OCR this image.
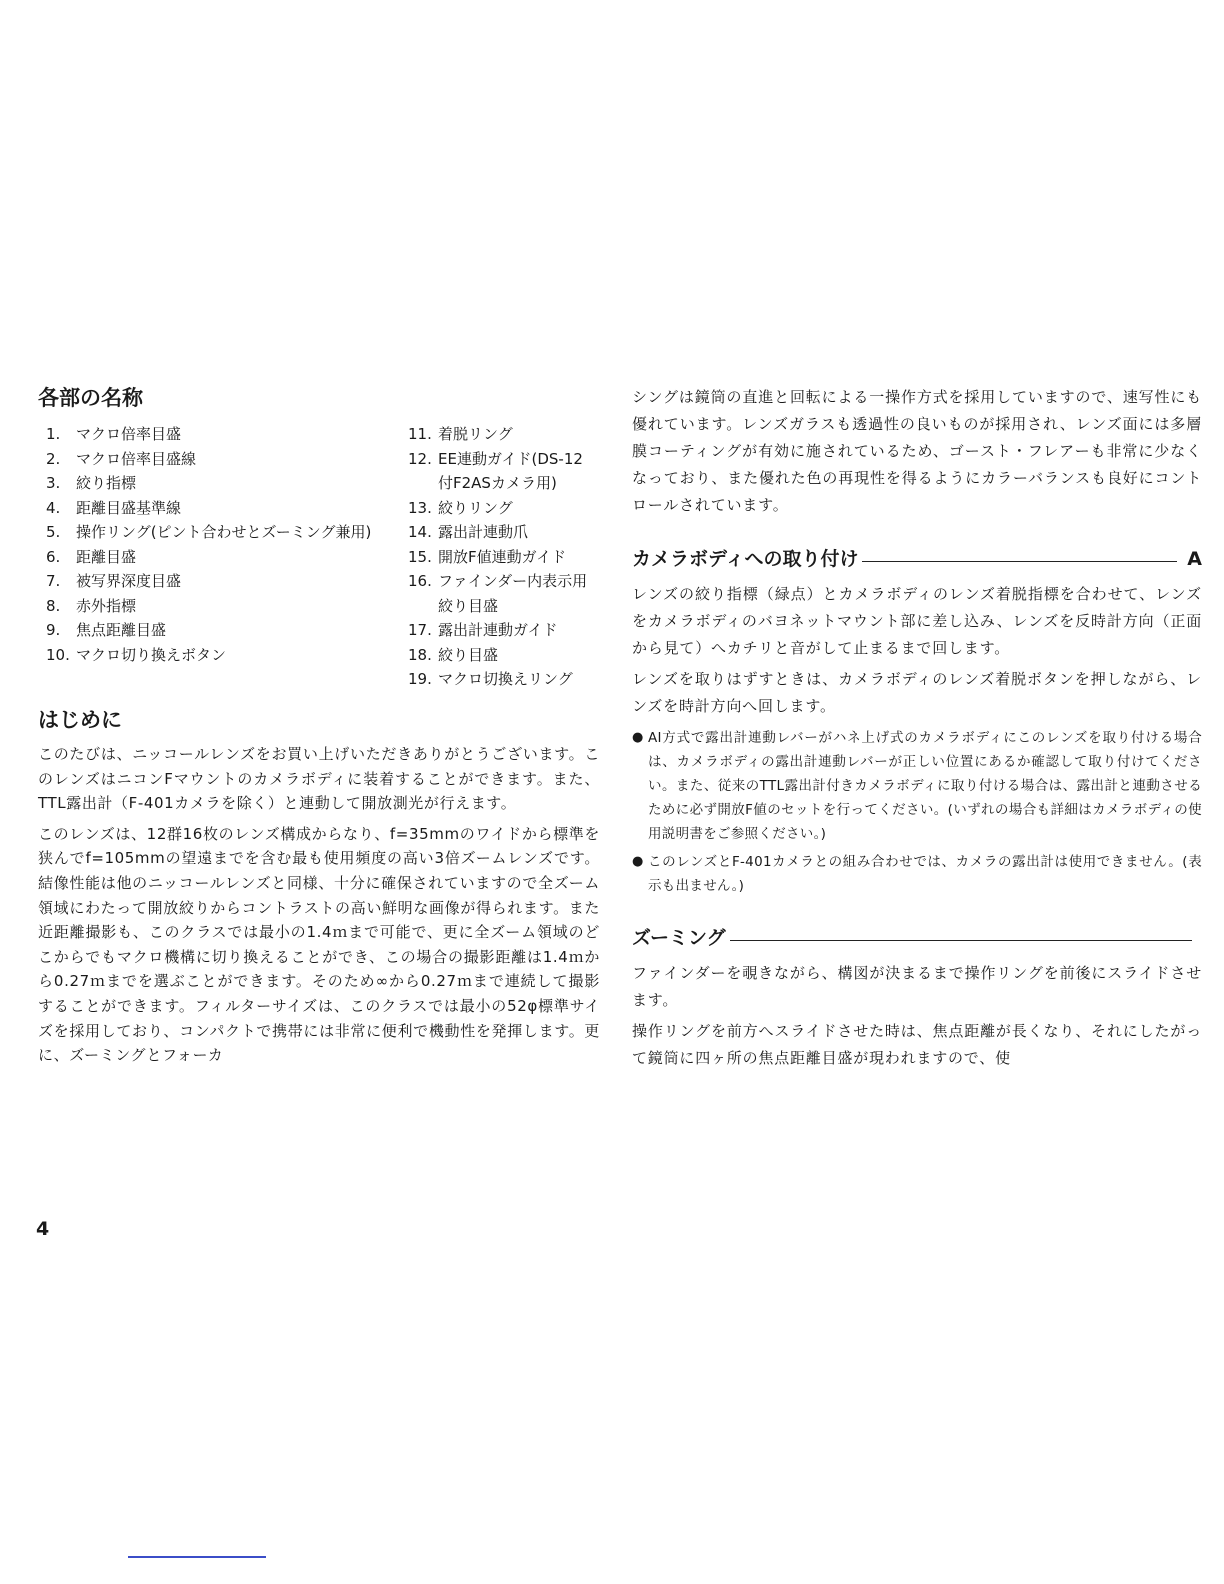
各部の名称
1. マクロ倍率目盛
2. マクロ倍率目盛線
3. 絞り指標
4. 距離目盛基準線
5. 操作リング(ピント合わせとズーミング兼用)
6. 距離目盛
7. 被写界深度目盛
8. 赤外指標
9. 焦点距離目盛
10. マクロ切り換えボタン
11. 着脱リング
12. EE連動ガイド(DS-12
付F2ASカメラ用)
13. 絞りリング
14. 露出計連動爪
15. 開放F値連動ガイド
16. ファインダー内表示用
絞り目盛
17. 露出計連動ガイド
18. 絞り目盛
19. マクロ切換えリング
はじめに

このたびは、ニッコールレンズをお買い上げいただきありがとうございます。このレンズはニコンFマウントのカメラボディに装着することができます。また、TTL露出計（F-401カメラを除く）と連動して開放測光が行えます。

このレンズは、12群16枚のレンズ構成からなり、f=35mmのワイドから標準を狭んでf=105mmの望遠までを含む最も使用頻度の高い3倍ズームレンズです。結像性能は他のニッコールレンズと同様、十分に確保されていますので全ズーム領域にわたって開放絞りからコントラストの高い鮮明な画像が得られます。また近距離撮影も、このクラスでは最小の1.4ｍまで可能で、更に全ズーム領域のどこからでもマクロ機構に切り換えることができ、この場合の撮影距離は1.4ｍから0.27ｍまでを選ぶことができます。そのため∞から0.27ｍまで連続して撮影することができます。フィルターサイズは、このクラスでは最小の52φ標準サイズを採用しており、コンパクトで携帯には非常に便利で機動性を発揮します。更に、ズーミングとフォーカ

シングは鏡筒の直進と回転による一操作方式を採用していますので、速写性にも優れています。レンズガラスも透過性の良いものが採用され、レンズ面には多層膜コーティングが有効に施されているため、ゴースト・フレアーも非常に少なくなっており、また優れた色の再現性を得るようにカラーバランスも良好にコントロールされています。

カメラボディへの取り付け	A

レンズの絞り指標（緑点）とカメラボディのレンズ着脱指標を合わせて、レンズをカメラボディのバヨネットマウント部に差し込み、レンズを反時計方向（正面から見て）へカチリと音がして止まるまで回します。

レンズを取りはずすときは、カメラボディのレンズ着脱ボタンを押しながら、レンズを時計方向へ回します。

● AI方式で露出計連動レバーがハネ上げ式のカメラボディにこのレンズを取り付ける場合は、カメラボディの露出計連動レバーが正しい位置にあるか確認して取り付けてください。また、従来のTTL露出計付きカメラボディに取り付ける場合は、露出計と連動させるために必ず開放F値のセットを行ってください。(いずれの場合も詳細はカメラボディの使用説明書をご参照ください。)
● このレンズとF-401カメラとの組み合わせでは、カメラの露出計は使用できません。(表示も出ません。)
ズーミング

ファインダーを覗きながら、構図が決まるまで操作リングを前後にスライドさせます。

操作リングを前方へスライドさせた時は、焦点距離が長くなり、それにしたがって鏡筒に四ヶ所の焦点距離目盛が現われますので、使

4
